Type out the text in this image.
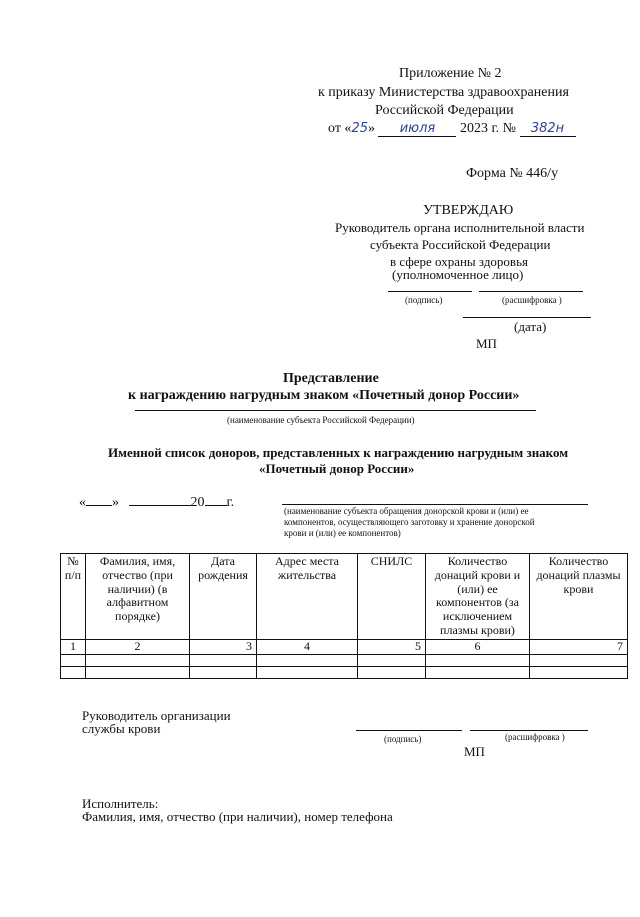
Приложение № 2
к приказу Министерства здравоохранения
Российской Федерации
от «25» июля 2023 г. № 382н
Форма № 446/у
УТВЕРЖДАЮ
Руководитель органа исполнительной власти
субъекта Российской Федерации
в сфере охраны здоровья
(уполномоченное лицо)
(подпись)	(расшифровка )
(дата)
МП
Представление
к награждению нагрудным знаком «Почетный донор России»
(наименование субъекта Российской Федерации)
Именной список доноров, представленных к награждению нагрудным знаком
«Почетный донор России»
« »	20 г.
(наименование субъекта обращения донорской крови и (или) ее
компонентов, осуществляющего заготовку и хранение донорской
крови и (или) ее компонентов)
№ п/п	Фамилия, имя, отчество (при наличии) (в алфавитном порядке)	Дата рождения	Адрес места жительства	СНИЛС	Количество донаций крови и (или) ее компонентов (за исключением плазмы крови)	Количество донаций плазмы крови
1	2	3	4	5	6	7

Руководитель организации
службы крови
(подпись)	(расшифровка )
МП
Исполнитель:
Фамилия, имя, отчество (при наличии), номер телефона
